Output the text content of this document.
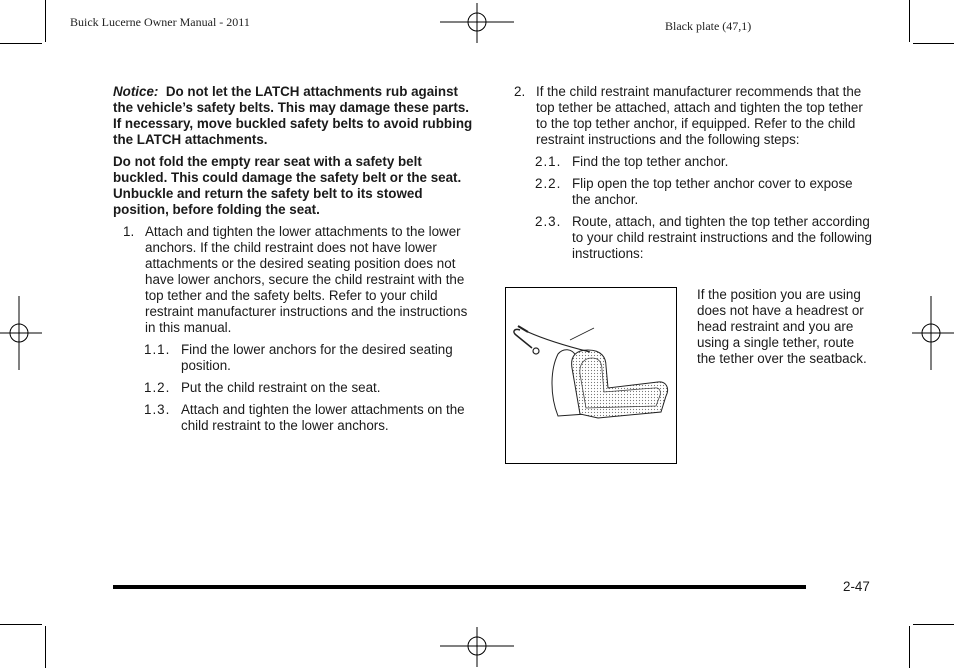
Buick Lucerne Owner Manual - 2011	Black plate (47,1)

Notice: Do not let the LATCH attachments rub against the vehicle’s safety belts. This may damage these parts. If necessary, move buckled safety belts to avoid rubbing the LATCH attachments.

Do not fold the empty rear seat with a safety belt buckled. This could damage the safety belt or the seat. Unbuckle and return the safety belt to its stowed position, before folding the seat.

1. Attach and tighten the lower attachments to the lower anchors. If the child restraint does not have lower attachments or the desired seating position does not have lower anchors, secure the child restraint with the top tether and the safety belts. Refer to your child restraint manufacturer instructions and the instructions in this manual.
1.1. Find the lower anchors for the desired seating position.
1.2. Put the child restraint on the seat.
1.3. Attach and tighten the lower attachments on the child restraint to the lower anchors.
2. If the child restraint manufacturer recommends that the top tether be attached, attach and tighten the top tether to the top tether anchor, if equipped. Refer to the child restraint instructions and the following steps:
2.1. Find the top tether anchor.
2.2. Flip open the top tether anchor cover to expose the anchor.
2.3. Route, attach, and tighten the top tether according to your child restraint instructions and the following instructions:
If the position you are using does not have a headrest or head restraint and you are using a single tether, route the tether over the seatback.
2-47
